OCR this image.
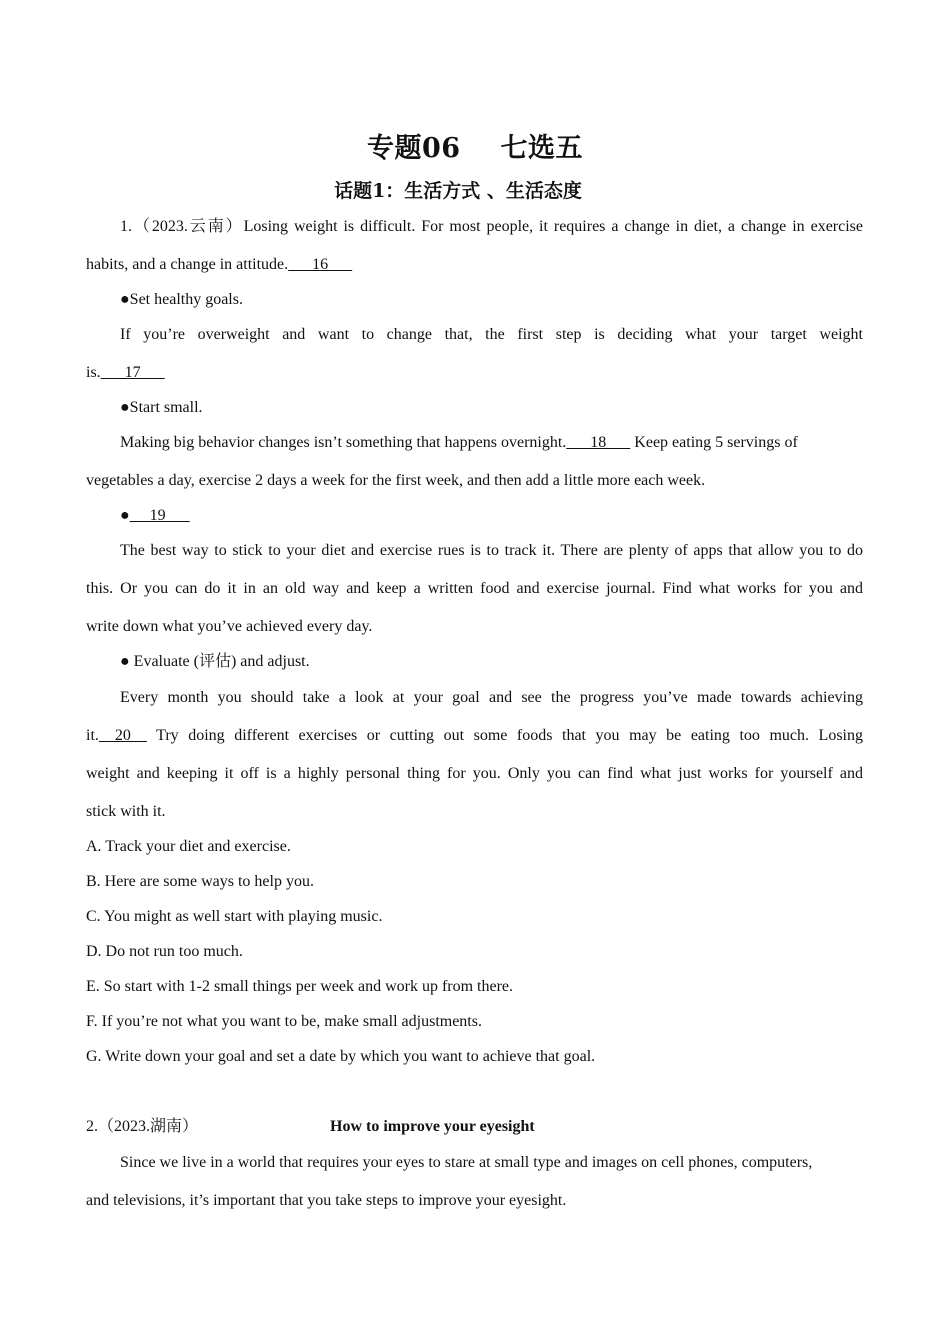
专题06 七选五
话题1：生活方式 、生活态度
1.（2023.云南）Losing weight is difficult. For most people, it requires a change in diet, a change in exercise
habits, and a change in attitude.      16
●Set healthy goals.
If you’re overweight and want to change that, the first step is deciding what your target weight
is.      17
●Start small.
Making big behavior changes isn’t something that happens overnight.      18       Keep eating 5 servings of
vegetables a day, exercise 2 days a week for the first week, and then add a little more each week.
●     19
The best way to stick to your diet and exercise rues is to track it. There are plenty of apps that allow you to do
this. Or you can do it in an old way and keep a written food and exercise journal. Find what works for you and
write down what you’ve achieved every day.
● Evaluate (评估) and adjust.
Every month you should take a look at your goal and see the progress you’ve made towards achieving
it.    20     Try doing different exercises or cutting out some foods that you may be eating too much. Losing
weight and keeping it off is a highly personal thing for you. Only you can find what just works for yourself and
stick with it.
A. Track your diet and exercise.
B. Here are some ways to help you.
C. You might as well start with playing music.
D. Do not run too much.
E. So start with 1-2 small things per week and work up from there.
F. If you’re not what you want to be, make small adjustments.
G. Write down your goal and set a date by which you want to achieve that goal.
2.（2023.湖南）	How to improve your eyesight
Since we live in a world that requires your eyes to stare at small type and images on cell phones, computers,
and televisions, it’s important that you take steps to improve your eyesight.
